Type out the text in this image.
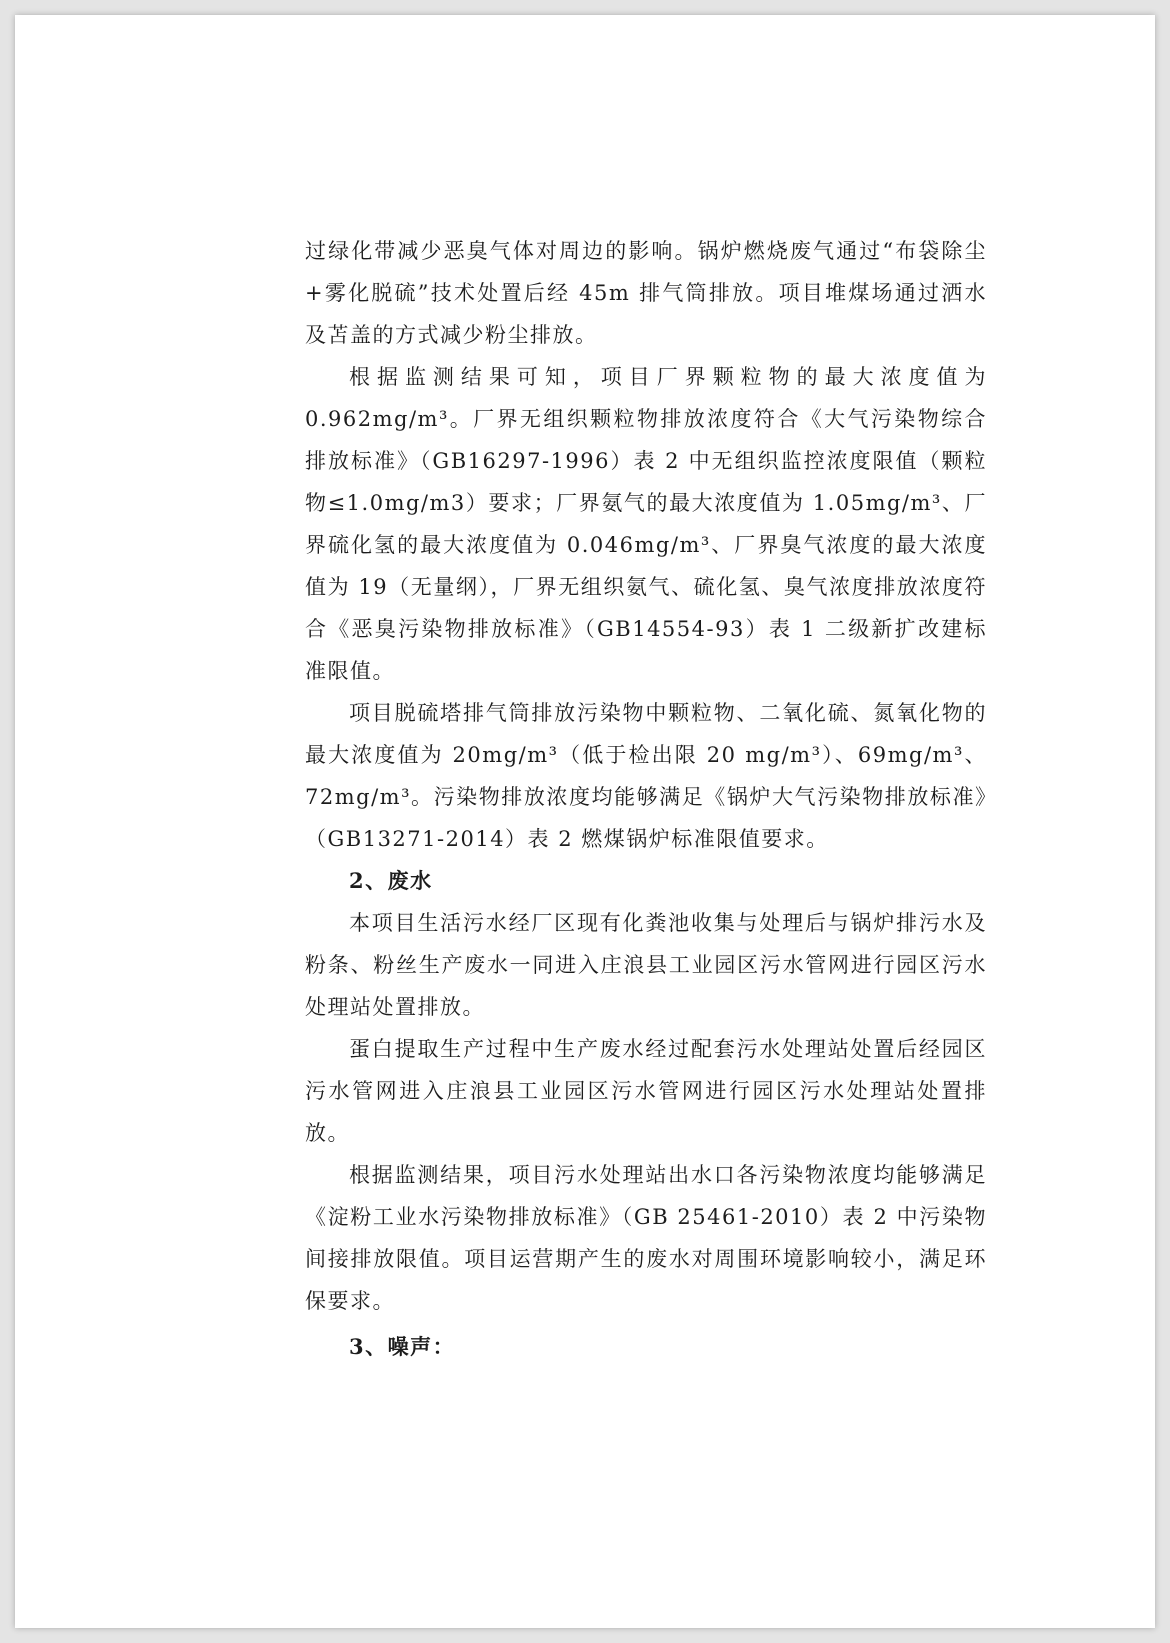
过绿化带减少恶臭气体对周边的影响。锅炉燃烧废气通过“布袋除尘+雾化脱硫”技术处置后经 45m 排气筒排放。项目堆煤场通过洒水及苫盖的方式减少粉尘排放。

根据监测结果可知，项目厂界颗粒物的最大浓度值为 0.962mg/m³。厂界无组织颗粒物排放浓度符合《大气污染物综合排放标准》（GB16297-1996）表 2 中无组织监控浓度限值（颗粒物≤1.0mg/m3）要求；厂界氨气的最大浓度值为 1.05mg/m³、厂界硫化氢的最大浓度值为 0.046mg/m³、厂界臭气浓度的最大浓度值为 19（无量纲），厂界无组织氨气、硫化氢、臭气浓度排放浓度符合《恶臭污染物排放标准》（GB14554-93）表 1 二级新扩改建标准限值。

项目脱硫塔排气筒排放污染物中颗粒物、二氧化硫、氮氧化物的最大浓度值为 20mg/m³（低于检出限 20 mg/m³）、69mg/m³、72mg/m³。污染物排放浓度均能够满足《锅炉大气污染物排放标准》（GB13271-2014）表 2 燃煤锅炉标准限值要求。

2、废水

本项目生活污水经厂区现有化粪池收集与处理后与锅炉排污水及粉条、粉丝生产废水一同进入庄浪县工业园区污水管网进行园区污水处理站处置排放。

蛋白提取生产过程中生产废水经过配套污水处理站处置后经园区污水管网进入庄浪县工业园区污水管网进行园区污水处理站处置排放。

根据监测结果，项目污水处理站出水口各污染物浓度均能够满足《淀粉工业水污染物排放标准》（GB 25461-2010）表 2 中污染物间接排放限值。项目运营期产生的废水对周围环境影响较小，满足环保要求。

3、噪声：
